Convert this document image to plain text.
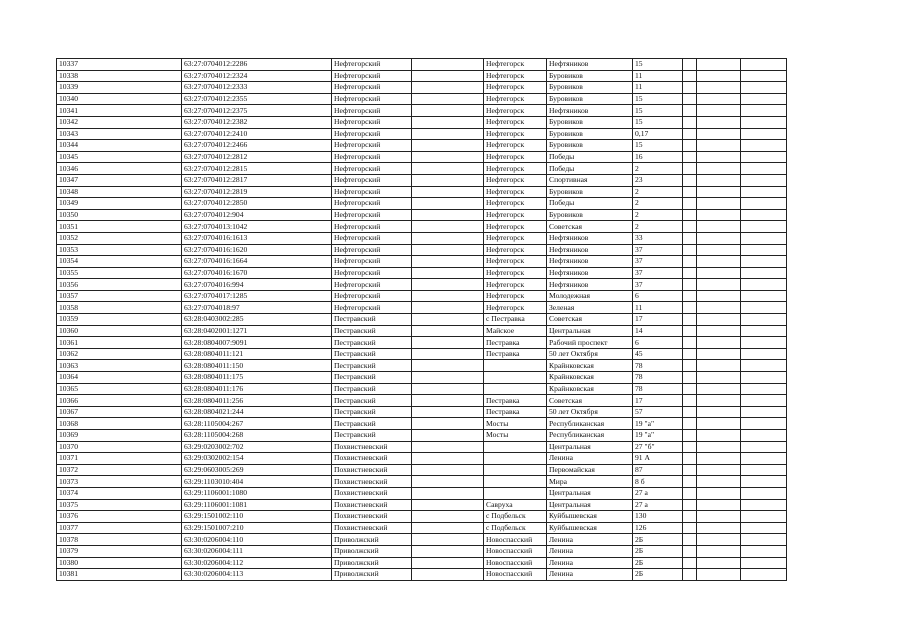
10337	63:27:0704012:2286	Нефтегорский		Нефтегорск	Нефтяников	15			
10338	63:27:0704012:2324	Нефтегорский		Нефтегорск	Буровиков	11			
10339	63:27:0704012:2333	Нефтегорский		Нефтегорск	Буровиков	11			
10340	63:27:0704012:2355	Нефтегорский		Нефтегорск	Буровиков	15			
10341	63:27:0704012:2375	Нефтегорский		Нефтегорск	Нефтяников	15			
10342	63:27:0704012:2382	Нефтегорский		Нефтегорск	Буровиков	15			
10343	63:27:0704012:2410	Нефтегорский		Нефтегорск	Буровиков	0,17			
10344	63:27:0704012:2466	Нефтегорский		Нефтегорск	Буровиков	15			
10345	63:27:0704012:2812	Нефтегорский		Нефтегорск	Победы	16			
10346	63:27:0704012:2815	Нефтегорский		Нефтегорск	Победы	2			
10347	63:27:0704012:2817	Нефтегорский		Нефтегорск	Спортивная	23			
10348	63:27:0704012:2819	Нефтегорский		Нефтегорск	Буровиков	2			
10349	63:27:0704012:2850	Нефтегорский		Нефтегорск	Победы	2			
10350	63:27:0704012:904	Нефтегорский		Нефтегорск	Буровиков	2			
10351	63:27:0704013:1042	Нефтегорский		Нефтегорск	Советская	2			
10352	63:27:0704016:1613	Нефтегорский		Нефтегорск	Нефтяников	33			
10353	63:27:0704016:1620	Нефтегорский		Нефтегорск	Нефтяников	37			
10354	63:27:0704016:1664	Нефтегорский		Нефтегорск	Нефтяников	37			
10355	63:27:0704016:1670	Нефтегорский		Нефтегорск	Нефтяников	37			
10356	63:27:0704016:994	Нефтегорский		Нефтегорск	Нефтяников	37			
10357	63:27:0704017:1285	Нефтегорский		Нефтегорск	Молодежная	6			
10358	63:27:0704018:97	Нефтегорский		Нефтегорск	Зеленая	11			
10359	63:28:0403002:285	Пестравский		с Пестравка	Советская	17			
10360	63:28:0402001:1271	Пестравский		Майское	Центральная	14			
10361	63:28:0804007:9091	Пестравский		Пестравка	Рабочий проспект	6			
10362	63:28:0804011:121	Пестравский		Пестравка	50 лет Октября	45			
10363	63:28:0804011:150	Пестравский			Крайнковская	78			
10364	63:28:0804011:175	Пестравский			Крайнковская	78			
10365	63:28:0804011:176	Пестравский			Крайнковская	78			
10366	63:28:0804011:256	Пестравский		Пестравка	Советская	17			
10367	63:28:0804021:244	Пестравский		Пестравка	50 лет Октября	57			
10368	63:28:1105004:267	Пестравский		Мосты	Республиканская	19 "а"			
10369	63:28:1105004:268	Пестравский		Мосты	Республиканская	19 "а"			
10370	63:29:0203002:702	Похвистневский			Центральная	27 "б"			
10371	63:29:0302002:154	Похвистневский			Ленина	91 А			
10372	63:29:0603005:269	Похвистневский			Первомайская	87			
10373	63:29:1103010:404	Похвистневский			Мира	8 б			
10374	63:29:1106001:1080	Похвистневский			Центральная	27 а			
10375	63:29:1106001:1081	Похвистневский		Савруха	Центральная	27 а			
10376	63:29:1501002:110	Похвистневский		с Подбельск	Куйбышевская	130			
10377	63:29:1501007:210	Похвистневский		с Подбельск	Куйбышевская	126			
10378	63:30:0206004:110	Приволжский		Новоспасский	Ленина	2Б			
10379	63:30:0206004:111	Приволжский		Новоспасский	Ленина	2Б			
10380	63:30:0206004:112	Приволжский		Новоспасский	Ленина	2Б			
10381	63:30:0206004:113	Приволжский		Новоспасский	Ленина	2Б			
